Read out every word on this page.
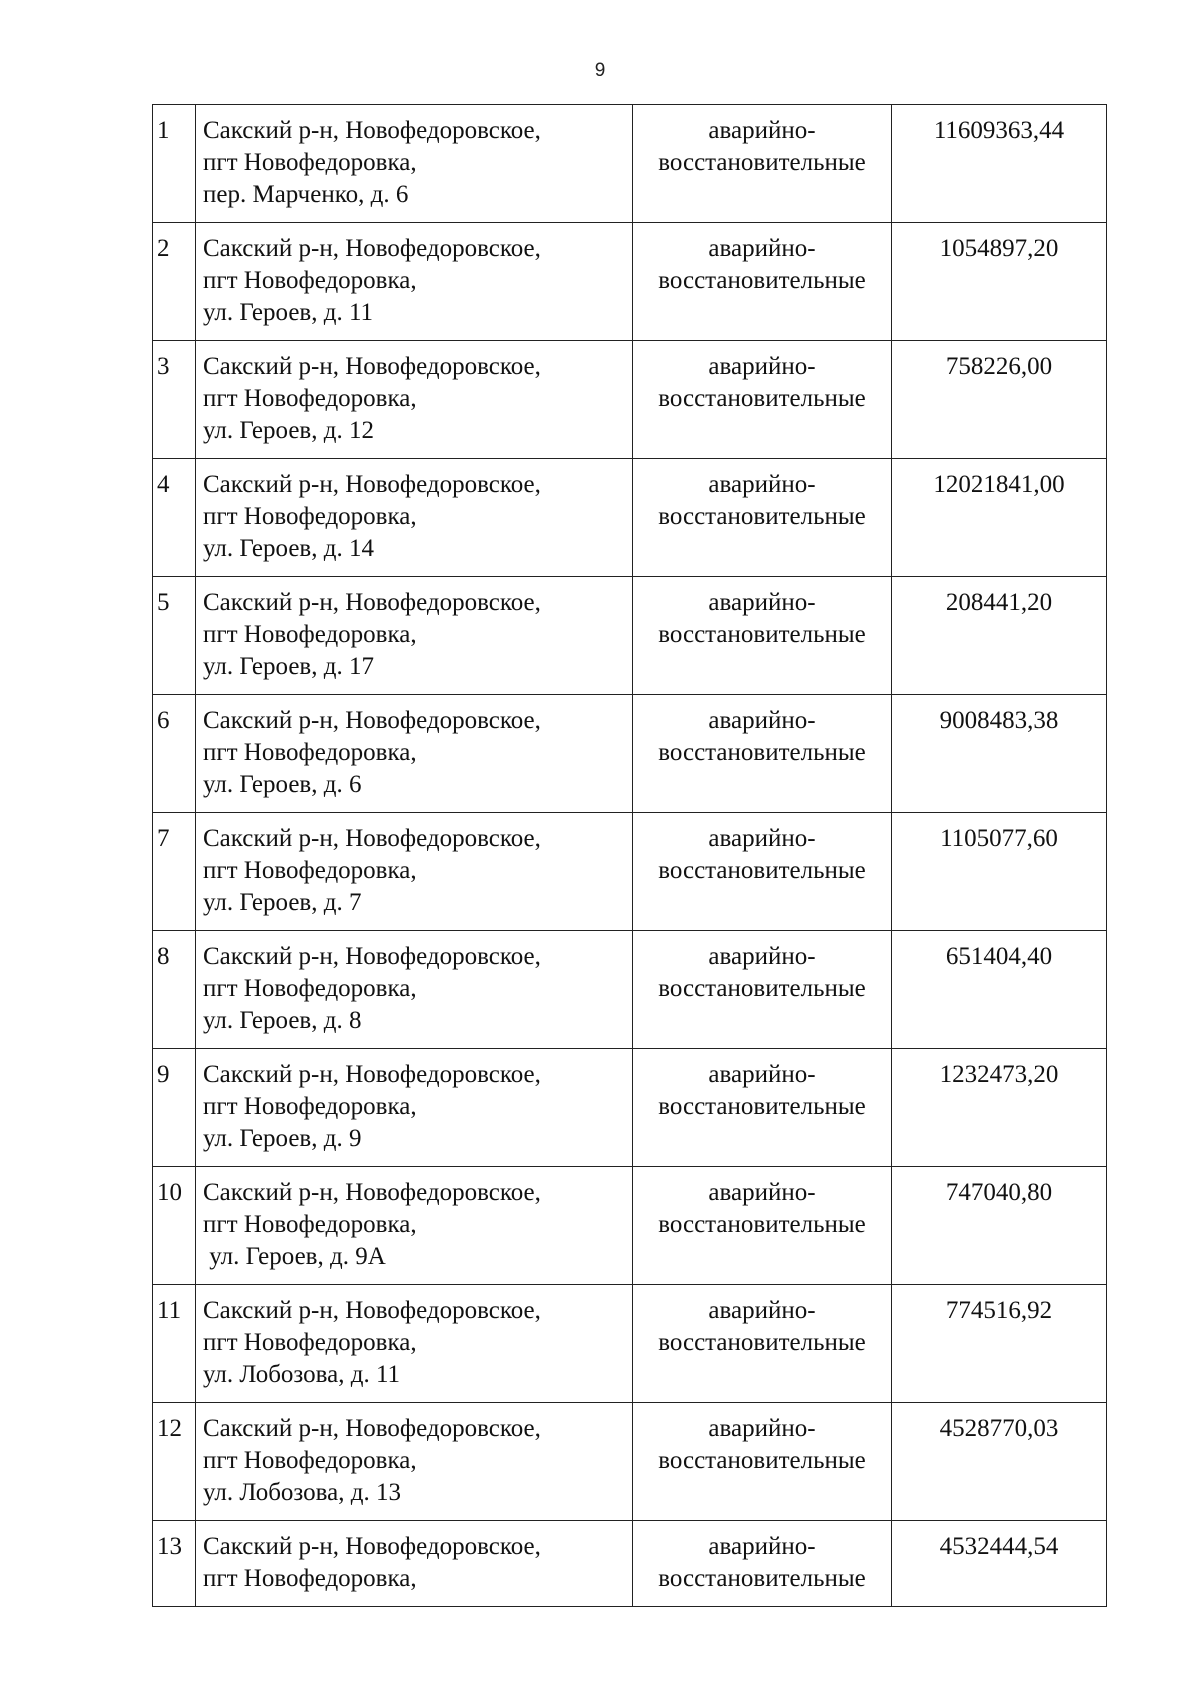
9
1	Сакский р-н, Новофедоровское,
пгт Новофедоровка,
пер. Марченко, д. 6	аварийно-
восстановительные	11609363,44
2	Сакский р-н, Новофедоровское,
пгт Новофедоровка,
ул. Героев, д. 11	аварийно-
восстановительные	1054897,20
3	Сакский р-н, Новофедоровское,
пгт Новофедоровка,
ул. Героев, д. 12	аварийно-
восстановительные	758226,00
4	Сакский р-н, Новофедоровское,
пгт Новофедоровка,
ул. Героев, д. 14	аварийно-
восстановительные	12021841,00
5	Сакский р-н, Новофедоровское,
пгт Новофедоровка,
ул. Героев, д. 17	аварийно-
восстановительные	208441,20
6	Сакский р-н, Новофедоровское,
пгт Новофедоровка,
ул. Героев, д. 6	аварийно-
восстановительные	9008483,38
7	Сакский р-н, Новофедоровское,
пгт Новофедоровка,
ул. Героев, д. 7	аварийно-
восстановительные	1105077,60
8	Сакский р-н, Новофедоровское,
пгт Новофедоровка,
ул. Героев, д. 8	аварийно-
восстановительные	651404,40
9	Сакский р-н, Новофедоровское,
пгт Новофедоровка,
ул. Героев, д. 9	аварийно-
восстановительные	1232473,20
10	Сакский р-н, Новофедоровское,
пгт Новофедоровка,
ул. Героев, д. 9А	аварийно-
восстановительные	747040,80
11	Сакский р-н, Новофедоровское,
пгт Новофедоровка,
ул. Лобозова, д. 11	аварийно-
восстановительные	774516,92
12	Сакский р-н, Новофедоровское,
пгт Новофедоровка,
ул. Лобозова, д. 13	аварийно-
восстановительные	4528770,03
13	Сакский р-н, Новофедоровское,
пгт Новофедоровка,	аварийно-
восстановительные	4532444,54
